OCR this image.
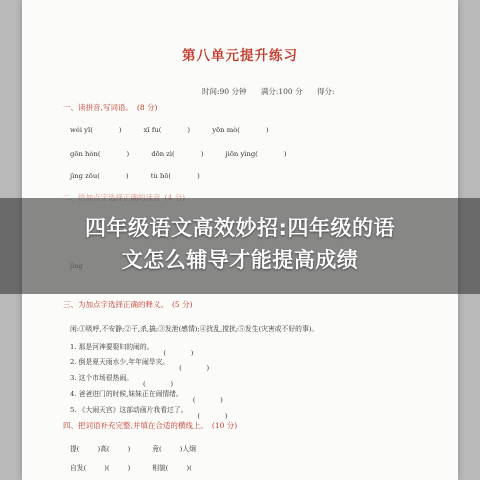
第八单元提升练习
时间:90 分钟 满分:100 分 得分:
一、读拼音,写词语。 (8 分)
wéi yī(	)	xī fu(	)	yōn mò(	)
gōn hòn(	)	dōn zì(	)	jiōn yìng(	)
jìng zōu(	)	tù bō(	)
三、为加点字选择正确的释义。 (5 分)
闲:①吸呼,不安静;②干,杀,搞;③发泄(感情);④扰乱,搅扰;⑤发生(灾害或不好的事)。
1. 那是河神要娶妇的闹的。
2. 倒是夏天雨水少,年年闹旱灾。
3. 这个市场很热闹。
4. 爸爸进门的时候,妹妹正在闹情绪。
5. 《大闹天宫》这部动画片我看过了。
四、把词语补充完整,并填在合适的横线上。 (10 分)
提(	)高(	)	竟(	)人炯
自发(	)(	)	相貌(	)(
四年级语文高效妙招:四年级的语
文怎么辅导才能提高成绩
